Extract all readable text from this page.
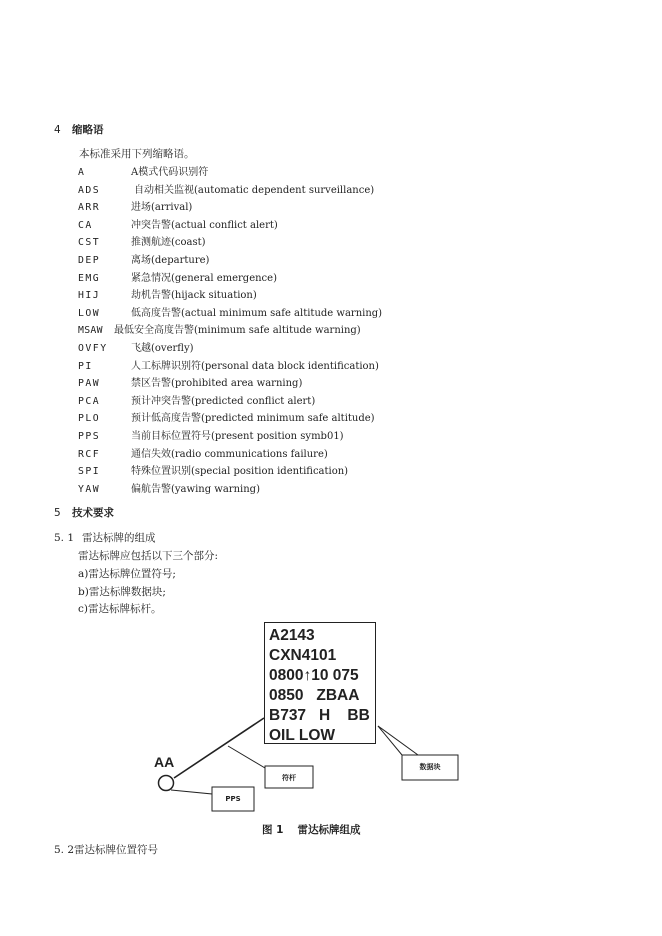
4 缩略语
本标准采用下列缩略语。
A	A模式代码识别符
ADS	自动相关监视(automatic dependent surveillance)
ARR	进场(arrival)
CA	冲突告警(actual conflict alert)
CST	推测航迹(coast)
DEP	离场(departure)
EMG	紧急情况(general emergence)
HIJ	劫机告警(hijack situation)
LOW	低高度告警(actual minimum safe altitude warning)
MSAW 最低安全高度告警(minimum safe altitude warning)
OVFY 飞越(overfly)
PI	人工标牌识别符(personal data block identification)
PAW	禁区告警(prohibited area warning)
PCA	预计冲突告警(predicted conflict alert)
PLO	预计低高度告警(predicted minimum safe altitude)
PPS	当前目标位置符号(present position symb01)
RCF	通信失效(radio communications failure)
SPI	特殊位置识别(special position identification)
YAW	偏航告警(yawing warning)
5 技术要求
5. 1 雷达标牌的组成
雷达标牌应包括以下三个部分:
a)雷达标牌位置符号;
b)雷达标牌数据块;
c)雷达标牌标杆。
A2143
CXN4101
0800↑10 075
0850   ZBAA
B737   H    BB
OIL LOW
AA
PPS
符杆
数据块
图 1 雷达标牌组成
5. 2雷达标牌位置符号
